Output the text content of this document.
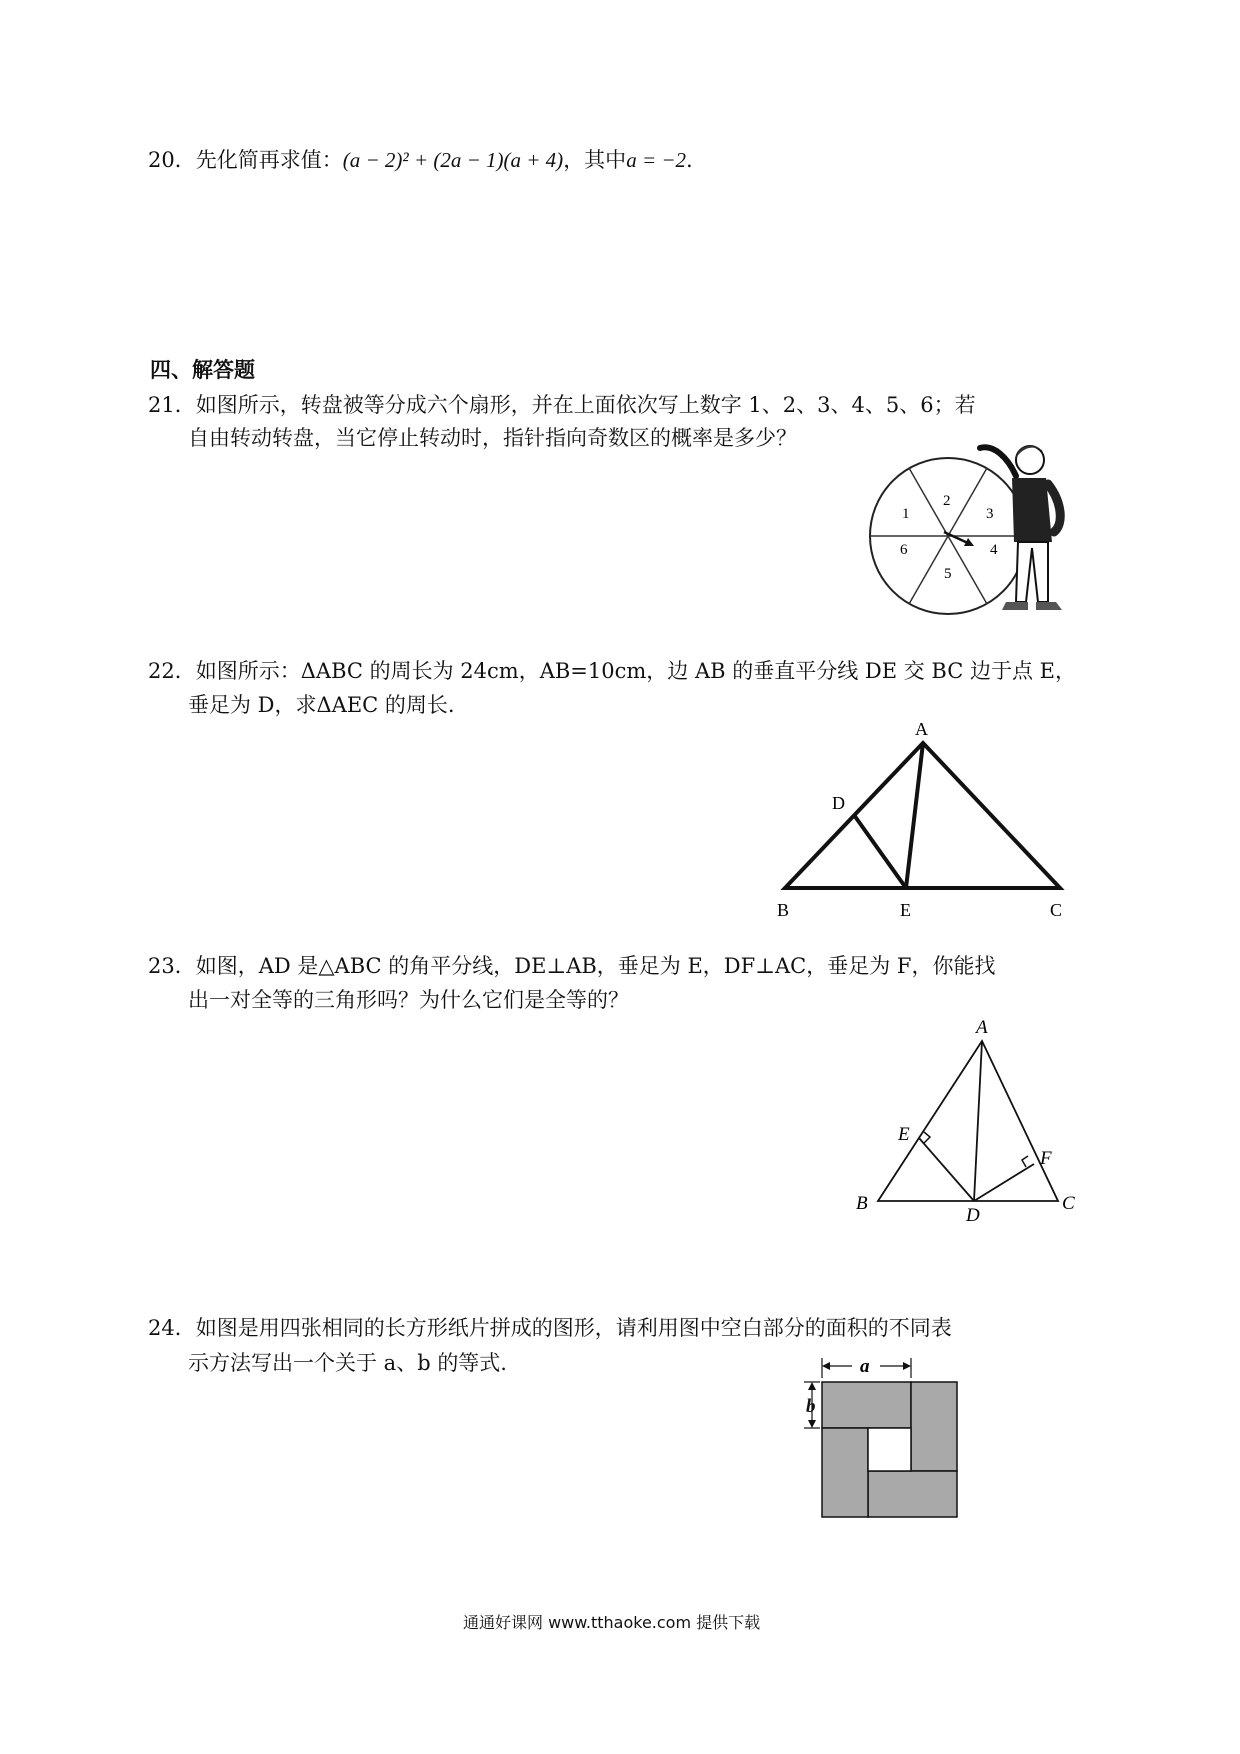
20．先化简再求值：(a − 2)² + (2a − 1)(a + 4)，其中a = −2.
四、解答题
21．如图所示，转盘被等分成六个扇形，并在上面依次写上数字 1、2、3、4、5、6；若
自由转动转盘，当它停止转动时，指针指向奇数区的概率是多少？
1
2
3
4
5
6
22．如图所示：ΔABC 的周长为 24cm，AB=10cm，边 AB 的垂直平分线 DE 交 BC 边于点 E，
垂足为 D，求ΔAEC 的周长.
A
D
B	E	C
23．如图，AD 是△ABC 的角平分线，DE⊥AB，垂足为 E，DF⊥AC，垂足为 F，你能找
出一对全等的三角形吗？为什么它们是全等的？
A
E
F
B
D
C
24．如图是用四张相同的长方形纸片拼成的图形，请利用图中空白部分的面积的不同表
示方法写出一个关于 a、b 的等式.	a
b
通通好课网 www.tthaoke.com 提供下载
